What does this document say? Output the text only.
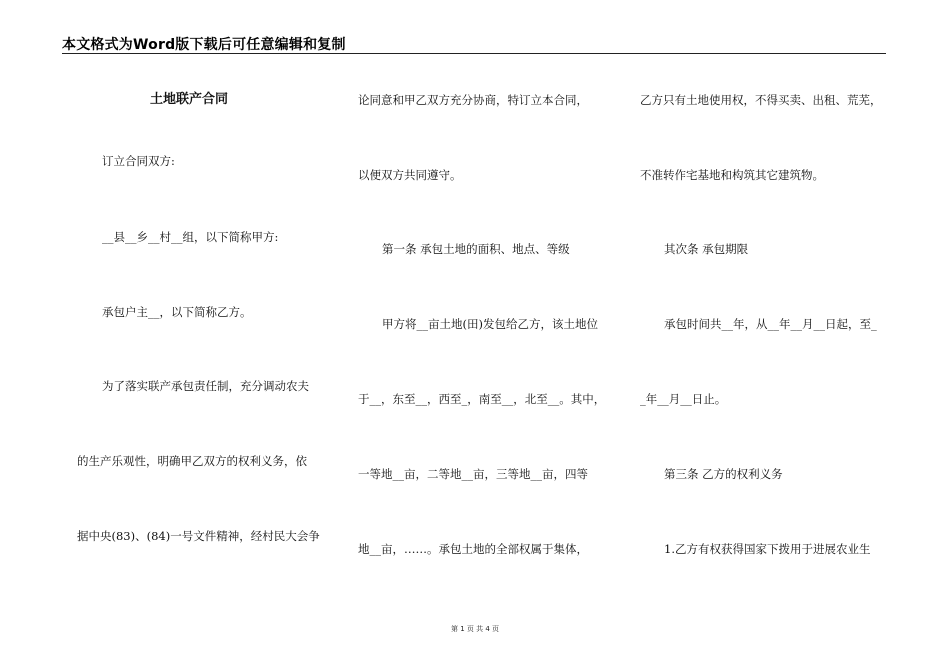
本文格式为Word版下载后可任意编辑和复制
土地联产合同
订立合同双方:
__县__乡__村__组，以下简称甲方:
承包户主__，以下简称乙方。
为了落实联产承包责任制，充分调动农夫
的生产乐观性，明确甲乙双方的权利义务，依
据中央(83)、(84)一号文件精神，经村民大会争
论同意和甲乙双方充分协商，特订立本合同，
以便双方共同遵守。
第一条 承包土地的面积、地点、等级
甲方将__亩土地(田)发包给乙方，该土地位
于__，东至__，西至_，南至__，北至__。其中，
一等地__亩，二等地__亩，三等地__亩，四等
地__亩，……。承包土地的全部权属于集体，
乙方只有土地使用权，不得买卖、出租、荒芜，
不准转作宅基地和构筑其它建筑物。
其次条 承包期限
承包时间共__年，从__年__月__日起，至_
_年__月__日止。
第三条 乙方的权利义务
1.乙方有权获得国家下拨用于进展农业生
第 1 页 共 4 页
